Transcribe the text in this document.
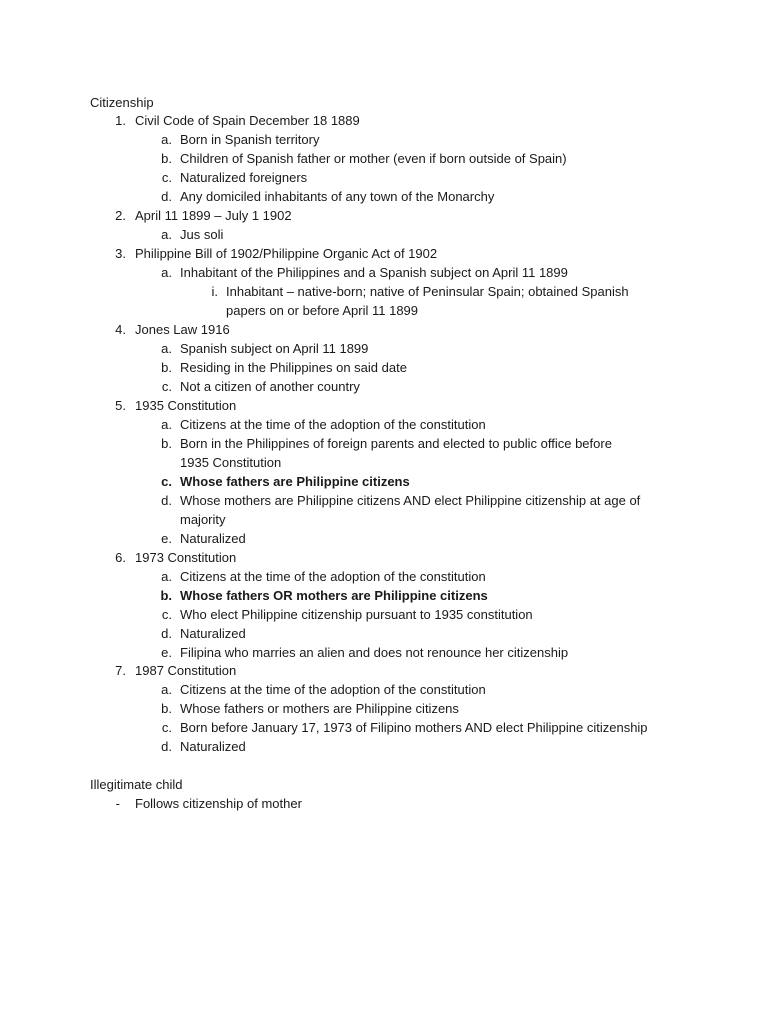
Citizenship
1. Civil Code of Spain December 18 1889
a. Born in Spanish territory
b. Children of Spanish father or mother (even if born outside of Spain)
c. Naturalized foreigners
d. Any domiciled inhabitants of any town of the Monarchy
2. April 11 1899 – July 1 1902
a. Jus soli
3. Philippine Bill of 1902/Philippine Organic Act of 1902
a. Inhabitant of the Philippines and a Spanish subject on April 11 1899
i. Inhabitant – native-born; native of Peninsular Spain; obtained Spanish
papers on or before April 11 1899
4. Jones Law 1916
a. Spanish subject on April 11 1899
b. Residing in the Philippines on said date
c. Not a citizen of another country
5. 1935 Constitution
a. Citizens at the time of the adoption of the constitution
b. Born in the Philippines of foreign parents and elected to public office before
1935 Constitution
c. Whose fathers are Philippine citizens
d. Whose mothers are Philippine citizens AND elect Philippine citizenship at age of
majority
e. Naturalized
6. 1973 Constitution
a. Citizens at the time of the adoption of the constitution
b. Whose fathers OR mothers are Philippine citizens
c. Who elect Philippine citizenship pursuant to 1935 constitution
d. Naturalized
e. Filipina who marries an alien and does not renounce her citizenship
7. 1987 Constitution
a. Citizens at the time of the adoption of the constitution
b. Whose fathers or mothers are Philippine citizens
c. Born before January 17, 1973 of Filipino mothers AND elect Philippine citizenship
d. Naturalized
Illegitimate child
- Follows citizenship of mother
